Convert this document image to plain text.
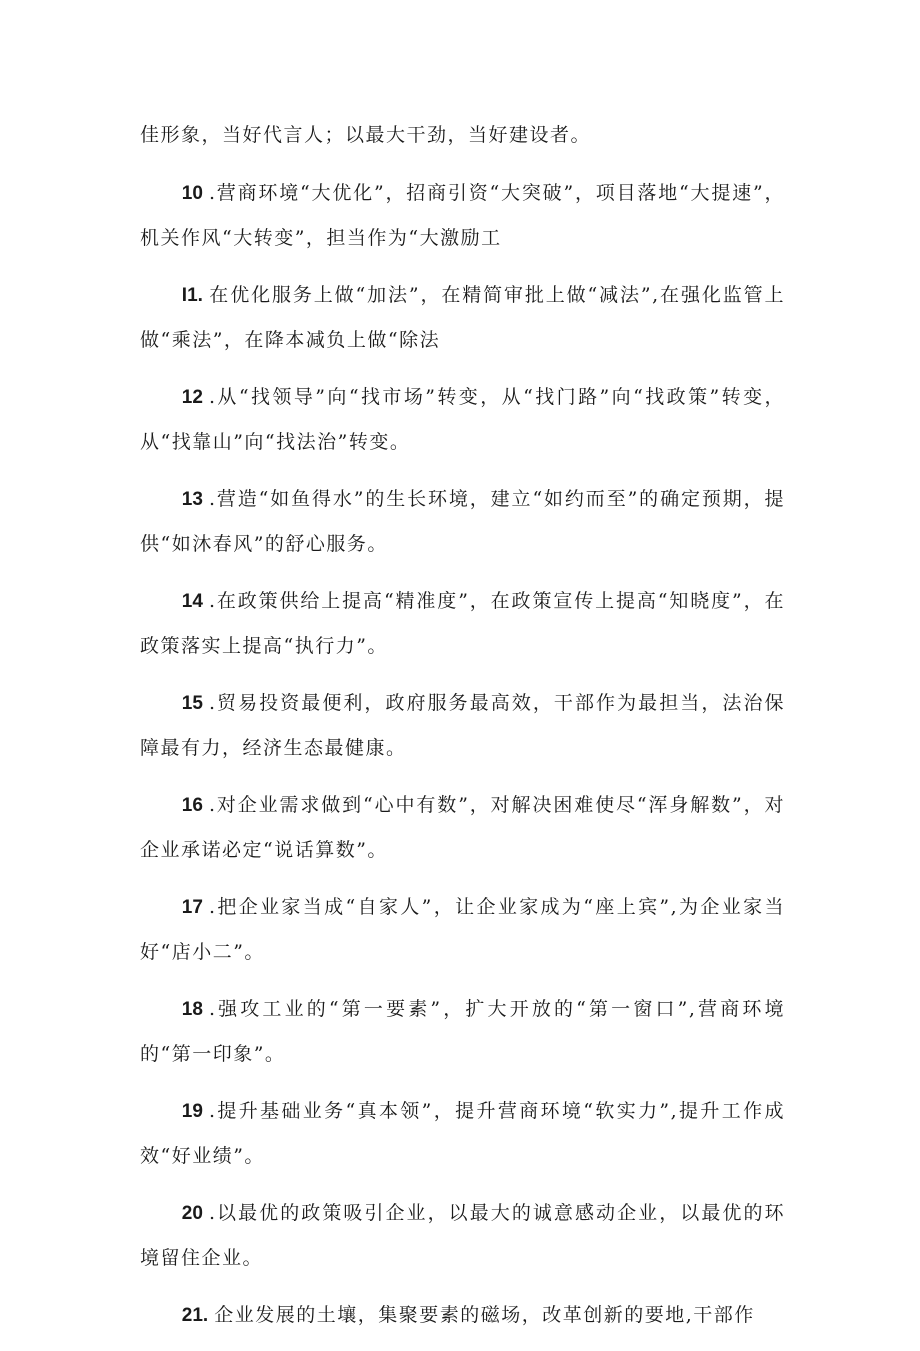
佳形象，当好代言人；以最大干劲，当好建设者。

10 .营商环境“大优化”，招商引资“大突破”，项目落地“大提速”，机关作风“大转变”，担当作为“大激励工

I1. 在优化服务上做“加法”，在精简审批上做“减法”,在强化监管上做“乘法”，在降本减负上做“除法

12 .从“找领导”向“找市场”转变，从“找门路”向“找政策”转变，从“找靠山”向“找法治”转变。

13 .营造“如鱼得水”的生长环境，建立“如约而至”的确定预期，提供“如沐春风”的舒心服务。

14 .在政策供给上提高“精准度”，在政策宣传上提高“知晓度”，在政策落实上提高“执行力”。

15 .贸易投资最便利，政府服务最高效，干部作为最担当，法治保障最有力，经济生态最健康。

16 .对企业需求做到“心中有数”，对解决困难使尽“浑身解数”，对企业承诺必定“说话算数”。

17 .把企业家当成“自家人”，让企业家成为“座上宾”,为企业家当好“店小二”。

18 .强攻工业的“第一要素”，扩大开放的“第一窗口”,营商环境的“第一印象”。

19 .提升基础业务“真本领”，提升营商环境“软实力”,提升工作成效“好业绩”。

20 .以最优的政策吸引企业，以最大的诚意感动企业，以最优的环境留住企业。

21. 企业发展的土壤，集聚要素的磁场，改革创新的要地,干部作
